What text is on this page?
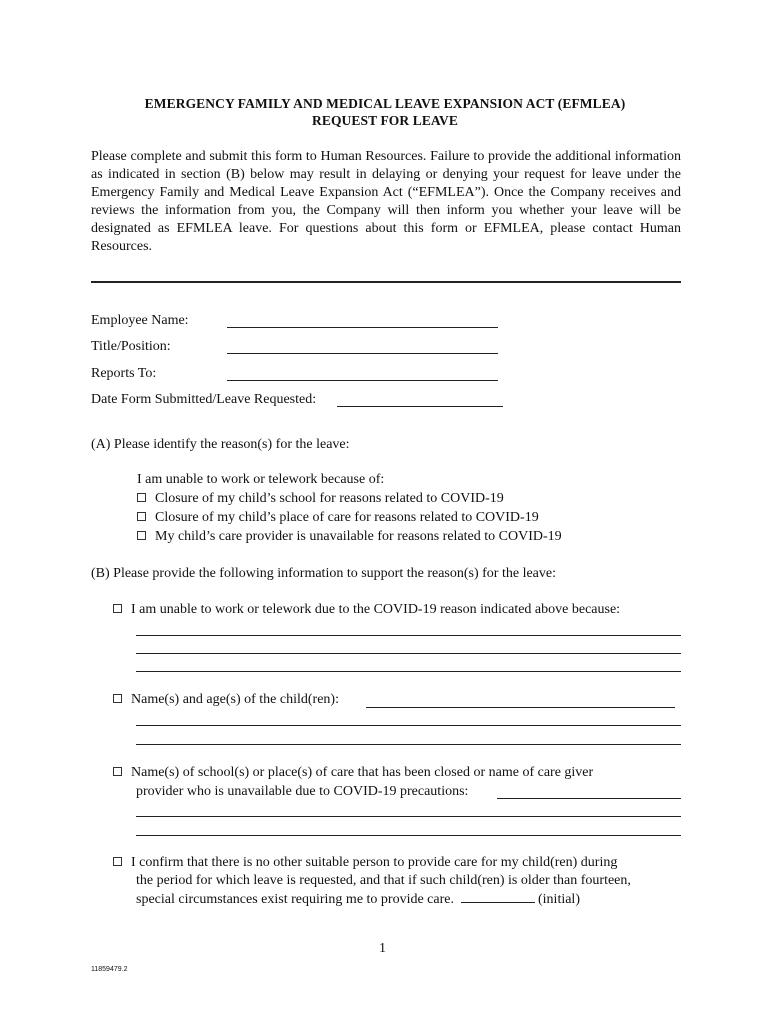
EMERGENCY FAMILY AND MEDICAL LEAVE EXPANSION ACT (EFMLEA)
REQUEST FOR LEAVE
Please complete and submit this form to Human Resources. Failure to provide the additional information as indicated in section (B) below may result in delaying or denying your request for leave under the Emergency Family and Medical Leave Expansion Act (“EFMLEA”). Once the Company receives and reviews the information from you, the Company will then inform you whether your leave will be designated as EFMLEA leave. For questions about this form or EFMLEA, please contact Human Resources.
Employee Name:
Title/Position:
Reports To:
Date Form Submitted/Leave Requested:
(A) Please identify the reason(s) for the leave:
I am unable to work or telework because of:
Closure of my child’s school for reasons related to COVID-19
Closure of my child’s place of care for reasons related to COVID-19
My child’s care provider is unavailable for reasons related to COVID-19
(B) Please provide the following information to support the reason(s) for the leave:
I am unable to work or telework due to the COVID-19 reason indicated above because:
Name(s) and age(s) of the child(ren):
Name(s) of school(s) or place(s) of care that has been closed or name of care giver
provider who is unavailable due to COVID-19 precautions:
I confirm that there is no other suitable person to provide care for my child(ren) during
the period for which leave is requested, and that if such child(ren) is older than fourteen,
special circumstances exist requiring me to provide care.	(initial)
1
11859479.2
